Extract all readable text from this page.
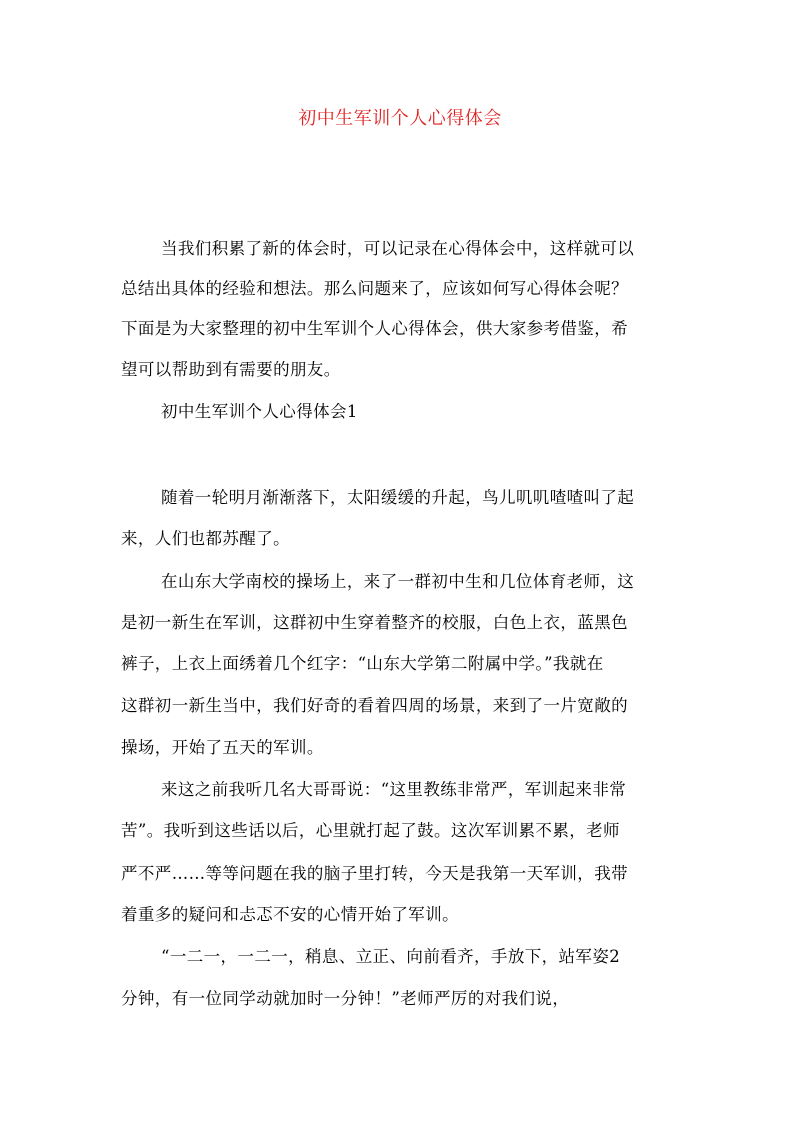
初中生军训个人心得体会
当我们积累了新的体会时，可以记录在心得体会中，这样就可以
总结出具体的经验和想法。那么问题来了，应该如何写心得体会呢？
下面是为大家整理的初中生军训个人心得体会，供大家参考借鉴，希
望可以帮助到有需要的朋友。
初中生军训个人心得体会1
随着一轮明月渐渐落下，太阳缓缓的升起，鸟儿叽叽喳喳叫了起
来，人们也都苏醒了。
在山东大学南校的操场上，来了一群初中生和几位体育老师，这
是初一新生在军训，这群初中生穿着整齐的校服，白色上衣，蓝黑色
裤子，上衣上面绣着几个红字：“山东大学第二附属中学。”我就在
这群初一新生当中，我们好奇的看着四周的场景，来到了一片宽敞的
操场，开始了五天的军训。
来这之前我听几名大哥哥说：“这里教练非常严，军训起来非常
苦”。我听到这些话以后，心里就打起了鼓。这次军训累不累，老师
严不严……等等问题在我的脑子里打转，今天是我第一天军训，我带
着重多的疑问和忐忑不安的心情开始了军训。
“一二一，一二一，稍息、立正、向前看齐，手放下，站军姿2
分钟，有一位同学动就加时一分钟！”老师严厉的对我们说，
